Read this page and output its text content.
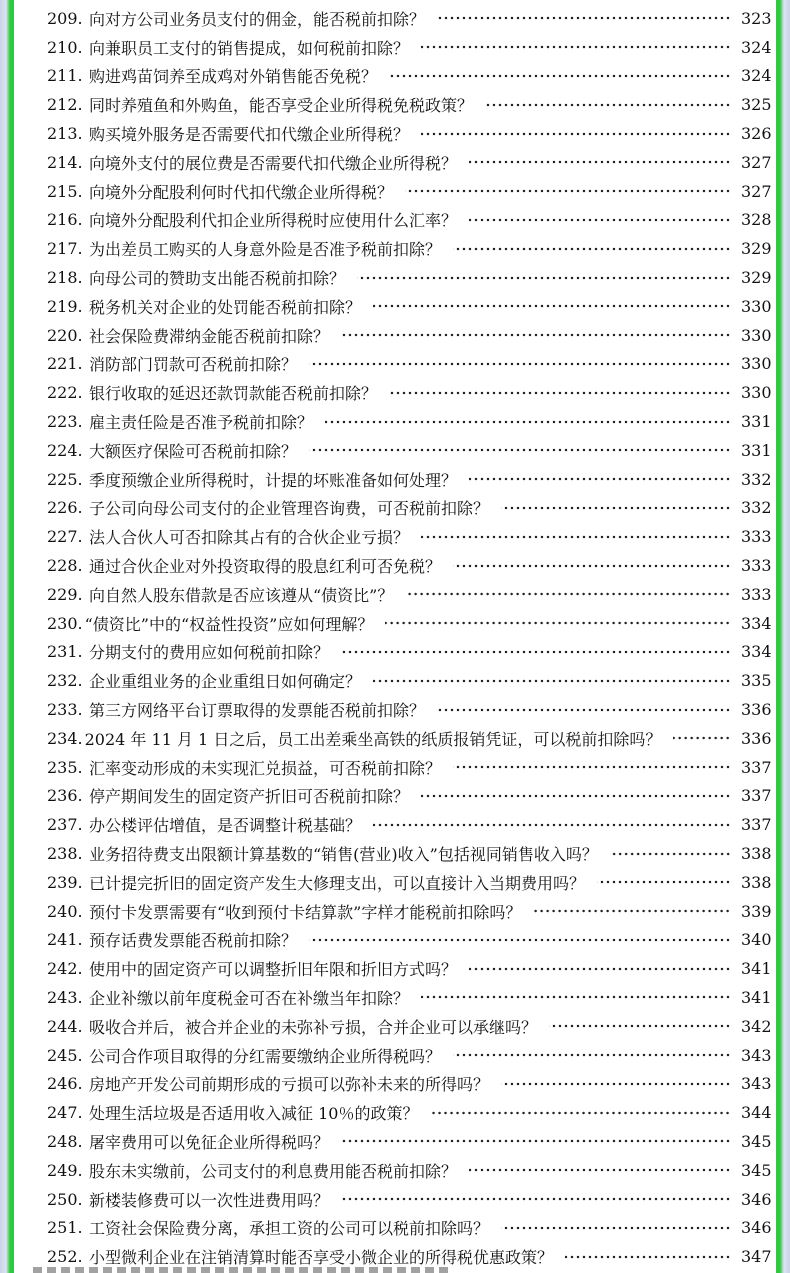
209. 向对方公司业务员支付的佣金，能否税前扣除？	323
210. 向兼职员工支付的销售提成，如何税前扣除？	324
211. 购进鸡苗饲养至成鸡对外销售能否免税？	324
212. 同时养殖鱼和外购鱼，能否享受企业所得税免税政策？	325
213. 购买境外服务是否需要代扣代缴企业所得税？	326
214. 向境外支付的展位费是否需要代扣代缴企业所得税？	327
215. 向境外分配股利何时代扣代缴企业所得税？	327
216. 向境外分配股利代扣企业所得税时应使用什么汇率？	328
217. 为出差员工购买的人身意外险是否准予税前扣除？	329
218. 向母公司的赞助支出能否税前扣除？	329
219. 税务机关对企业的处罚能否税前扣除？	330
220. 社会保险费滞纳金能否税前扣除？	330
221. 消防部门罚款可否税前扣除？	330
222. 银行收取的延迟还款罚款能否税前扣除？	330
223. 雇主责任险是否准予税前扣除？	331
224. 大额医疗保险可否税前扣除？	331
225. 季度预缴企业所得税时，计提的坏账准备如何处理？	332
226. 子公司向母公司支付的企业管理咨询费，可否税前扣除？	332
227. 法人合伙人可否扣除其占有的合伙企业亏损？	333
228. 通过合伙企业对外投资取得的股息红利可否免税？	333
229. 向自然人股东借款是否应该遵从“债资比”？	333
230. “债资比”中的“权益性投资”应如何理解？	334
231. 分期支付的费用应如何税前扣除？	334
232. 企业重组业务的企业重组日如何确定？	335
233. 第三方网络平台订票取得的发票能否税前扣除？	336
234. 2024 年 11 月 1 日之后，员工出差乘坐高铁的纸质报销凭证，可以税前扣除吗？	336
235. 汇率变动形成的未实现汇兑损益，可否税前扣除？	337
236. 停产期间发生的固定资产折旧可否税前扣除？	337
237. 办公楼评估增值，是否调整计税基础？	337
238. 业务招待费支出限额计算基数的“销售(营业)收入”包括视同销售收入吗？	338
239. 已计提完折旧的固定资产发生大修理支出，可以直接计入当期费用吗？	338
240. 预付卡发票需要有“收到预付卡结算款”字样才能税前扣除吗？	339
241. 预存话费发票能否税前扣除？	340
242. 使用中的固定资产可以调整折旧年限和折旧方式吗？	341
243. 企业补缴以前年度税金可否在补缴当年扣除？	341
244. 吸收合并后，被合并企业的未弥补亏损，合并企业可以承继吗？	342
245. 公司合作项目取得的分红需要缴纳企业所得税吗？	343
246. 房地产开发公司前期形成的亏损可以弥补未来的所得吗？	343
247. 处理生活垃圾是否适用收入减征 10％的政策？	344
248. 屠宰费用可以免征企业所得税吗？	345
249. 股东未实缴前，公司支付的利息费用能否税前扣除？	345
250. 新楼装修费可以一次性进费用吗？	346
251. 工资社会保险费分离，承担工资的公司可以税前扣除吗？	346
252. 小型微利企业在注销清算时能否享受小微企业的所得税优惠政策？	347
